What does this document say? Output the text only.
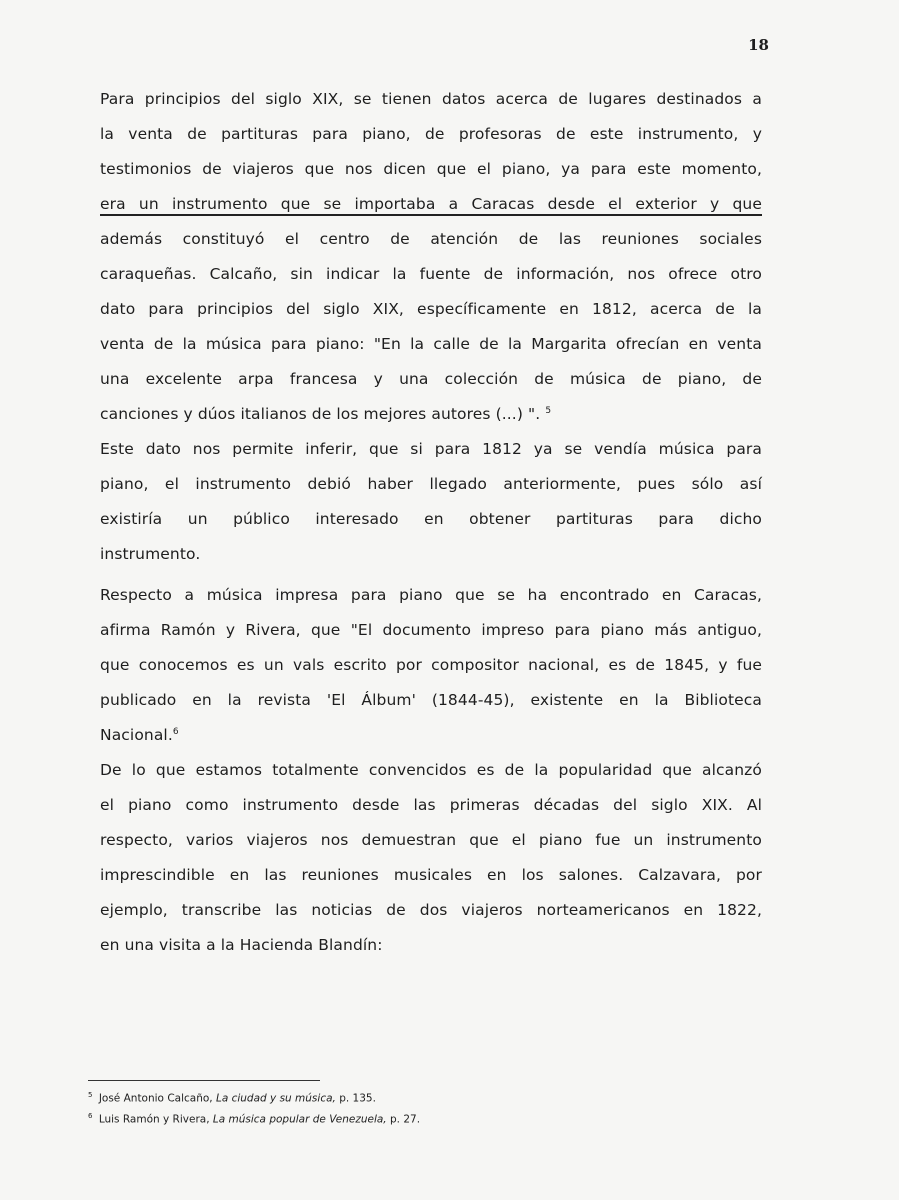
18
Para principios del siglo XIX, se tienen datos acerca de lugares destinados a
la venta de partituras para piano, de profesoras de este instrumento, y
testimonios de viajeros que nos dicen que el piano, ya para este momento,
era un instrumento que se importaba a Caracas desde el exterior y que
además constituyó el centro de atención de las reuniones sociales
caraqueñas. Calcaño, sin indicar la fuente de información, nos ofrece otro
dato para principios del siglo XIX, específicamente en 1812, acerca de la
venta de la música para piano: "En la calle de la Margarita ofrecían en venta
una excelente arpa francesa y una colección de música de piano, de
canciones y dúos italianos de los mejores autores (...) ". $^5$
Este dato nos permite inferir, que si para 1812 ya se vendía música para
piano, el instrumento debió haber llegado anteriormente, pues sólo así
existiría un público interesado en obtener partituras para dicho
instrumento.
Respecto a música impresa para piano que se ha encontrado en Caracas,
afirma Ramón y Rivera, que "El documento impreso para piano más antiguo,
que conocemos es un vals escrito por compositor nacional, es de 1845, y fue
publicado en la revista 'El Álbum' (1844-45), existente en la Biblioteca
Nacional.$^6$
De lo que estamos totalmente convencidos es de la popularidad que alcanzó
el piano como instrumento desde las primeras décadas del siglo XIX. Al
respecto, varios viajeros nos demuestran que el piano fue un instrumento
imprescindible en las reuniones musicales en los salones. Calzavara, por
ejemplo, transcribe las noticias de dos viajeros norteamericanos en 1822,
en una visita a la Hacienda Blandín:
$^5$ José Antonio Calcaño, La ciudad y su música, p. 135.
$^6$ Luis Ramón y Rivera, La música popular de Venezuela, p. 27.
